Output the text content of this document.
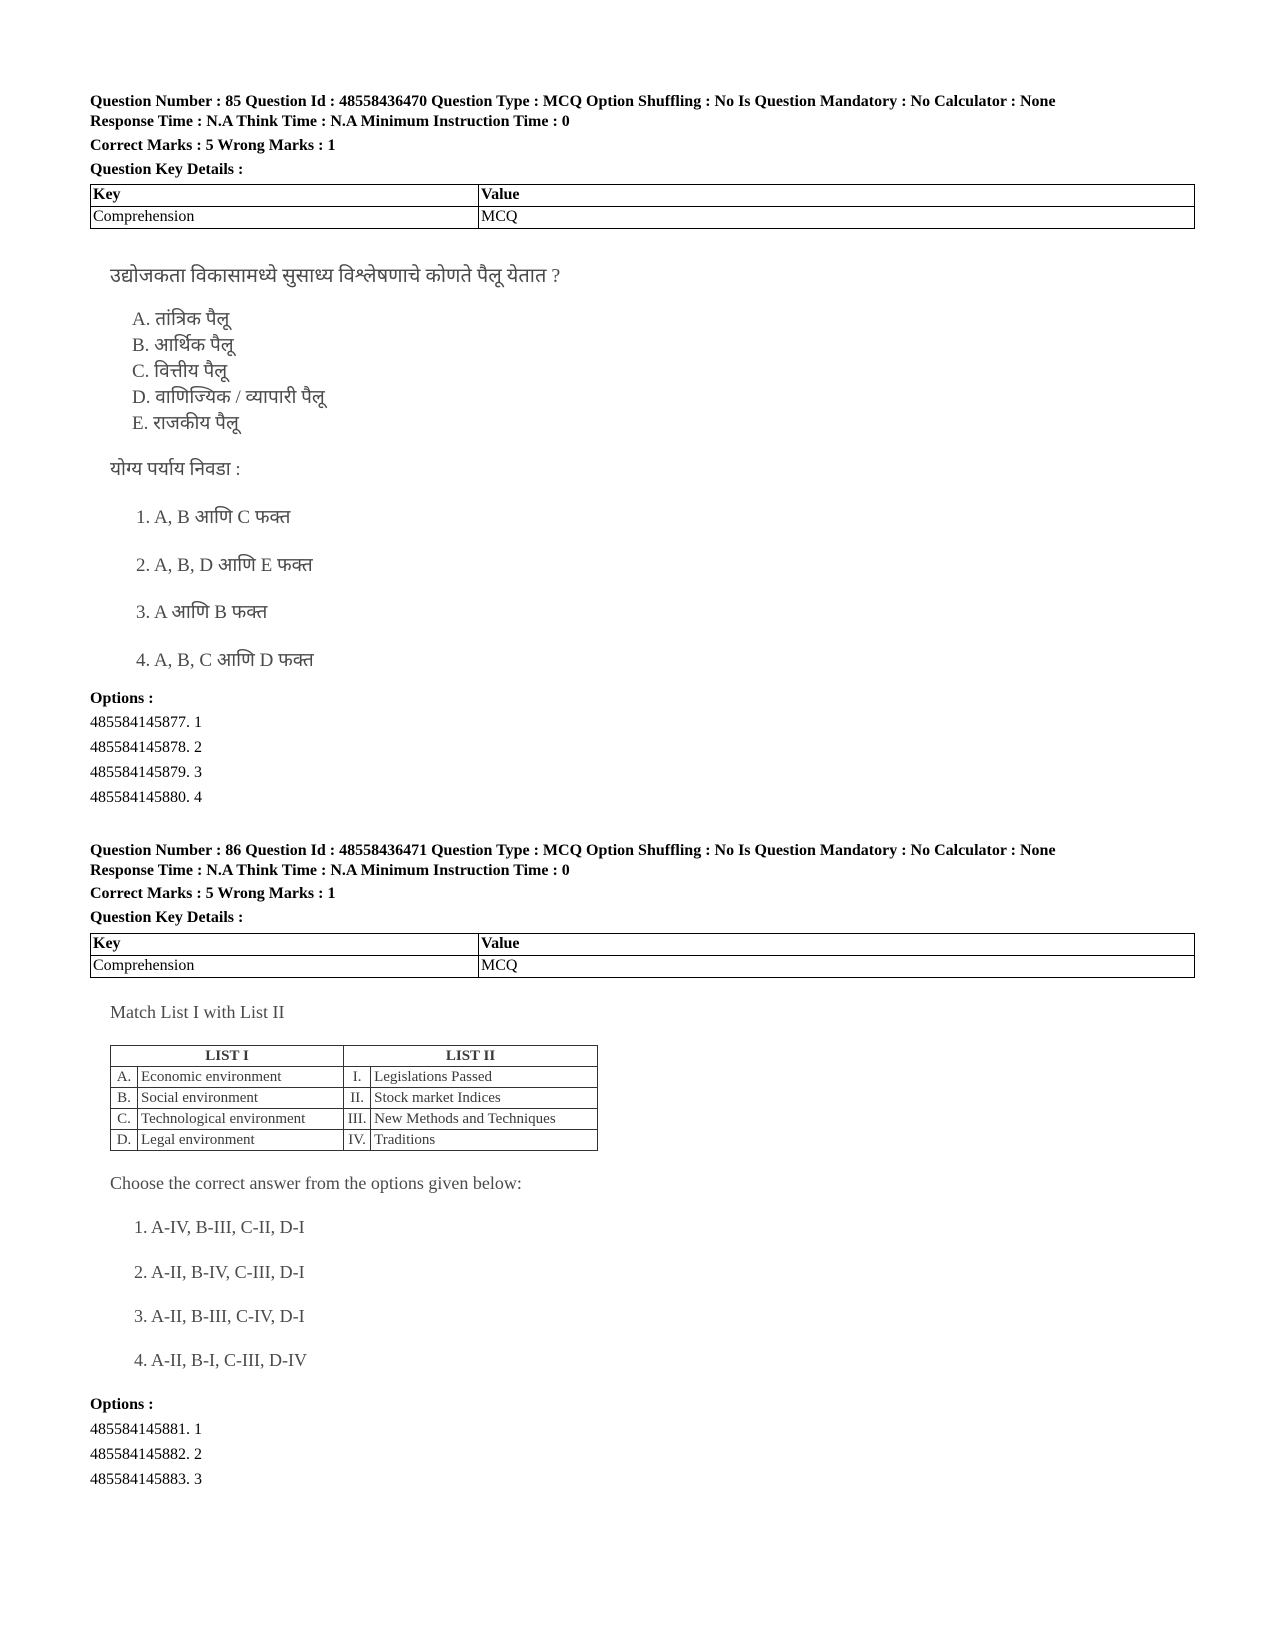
Question Number : 85 Question Id : 48558436470 Question Type : MCQ Option Shuffling : No Is Question Mandatory : No Calculator : None
Response Time : N.A Think Time : N.A Minimum Instruction Time : 0
Correct Marks : 5 Wrong Marks : 1
Question Key Details :
Key	Value
Comprehension	MCQ
उद्योजकता विकासामध्ये सुसाध्य विश्लेषणाचे कोणते पैलू येतात ?
A. तांत्रिक पैलू
B. आर्थिक पैलू
C. वित्तीय पैलू
D. वाणिज्यिक / व्यापारी पैलू
E. राजकीय पैलू
योग्य पर्याय निवडा :
1. A, B आणि C फक्त
2. A, B, D आणि E फक्त
3. A आणि B फक्त
4. A, B, C आणि D फक्त
Options :
485584145877. 1
485584145878. 2
485584145879. 3
485584145880. 4
Question Number : 86 Question Id : 48558436471 Question Type : MCQ Option Shuffling : No Is Question Mandatory : No Calculator : None
Response Time : N.A Think Time : N.A Minimum Instruction Time : 0
Correct Marks : 5 Wrong Marks : 1
Question Key Details :
Key	Value
Comprehension	MCQ
Match List I with List II
LIST I		LIST II	
A.	Economic environment	I.	Legislations Passed
B.	Social environment	II.	Stock market Indices
C.	Technological environment	III.	New Methods and Techniques
D.	Legal environment	IV.	Traditions
Choose the correct answer from the options given below:
1. A-IV, B-III, C-II, D-I
2. A-II, B-IV, C-III, D-I
3. A-II, B-III, C-IV, D-I
4. A-II, B-I, C-III, D-IV
Options :
485584145881. 1
485584145882. 2
485584145883. 3
